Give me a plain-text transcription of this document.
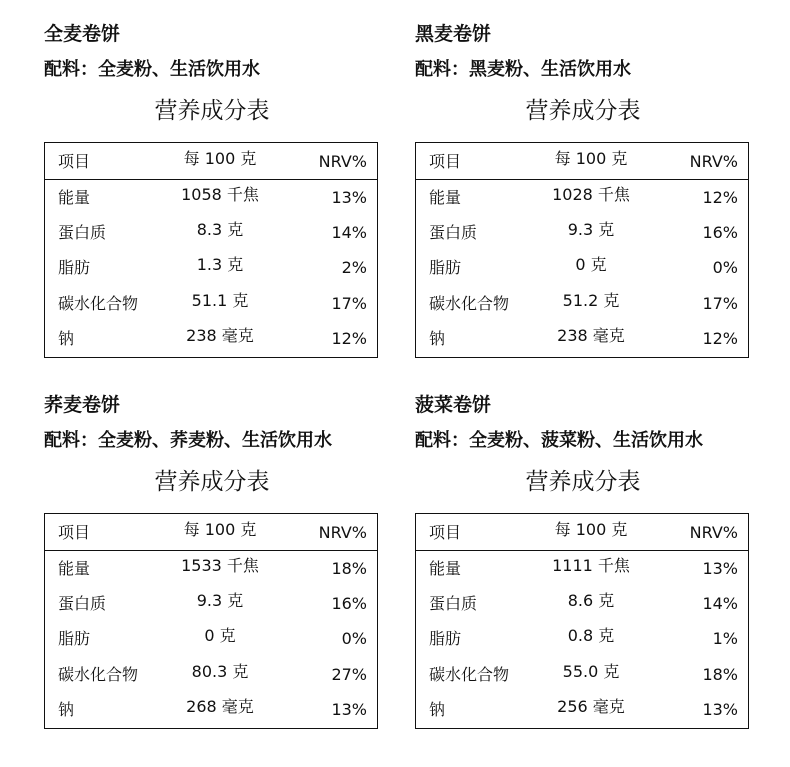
全麦卷饼
配料：全麦粉、生活饮用水
营养成分表
项目	每 100 克	NRV%
能量	1058 千焦	13%
蛋白质	8.3 克	14%
脂肪	1.3 克	2%
碳水化合物	51.1 克	17%
钠	238 毫克	12%
黑麦卷饼
配料：黑麦粉、生活饮用水
营养成分表
项目	每 100 克	NRV%
能量	1028 千焦	12%
蛋白质	9.3 克	16%
脂肪	0 克	0%
碳水化合物	51.2 克	17%
钠	238 毫克	12%
荞麦卷饼
配料：全麦粉、荞麦粉、生活饮用水
营养成分表
项目	每 100 克	NRV%
能量	1533 千焦	18%
蛋白质	9.3 克	16%
脂肪	0 克	0%
碳水化合物	80.3 克	27%
钠	268 毫克	13%
菠菜卷饼
配料：全麦粉、菠菜粉、生活饮用水
营养成分表
项目	每 100 克	NRV%
能量	1111 千焦	13%
蛋白质	8.6 克	14%
脂肪	0.8 克	1%
碳水化合物	55.0 克	18%
钠	256 毫克	13%
